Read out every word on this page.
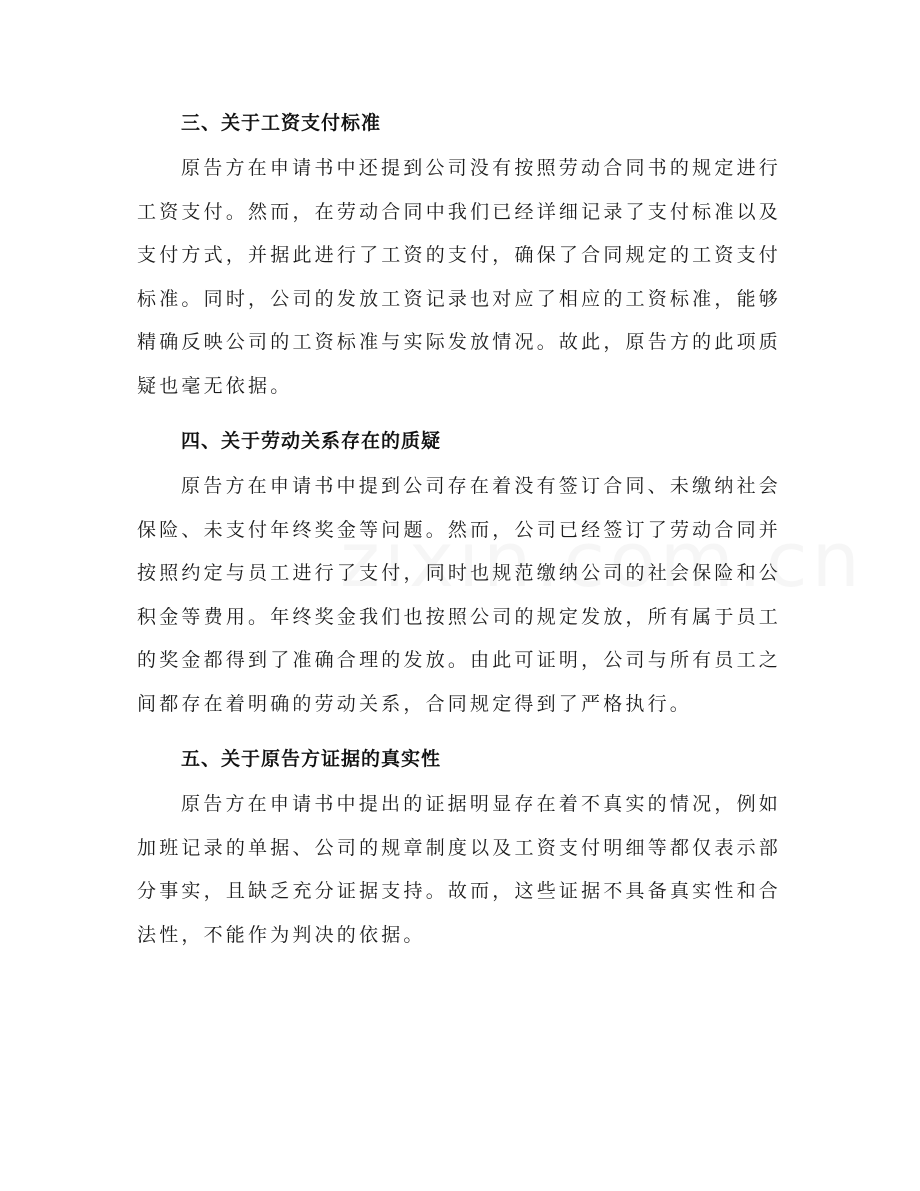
三、关于工资支付标准

原告方在申请书中还提到公司没有按照劳动合同书的规定进行工资支付。然而，在劳动合同中我们已经详细记录了支付标准以及支付方式，并据此进行了工资的支付，确保了合同规定的工资支付标准。同时，公司的发放工资记录也对应了相应的工资标准，能够精确反映公司的工资标准与实际发放情况。故此，原告方的此项质疑也毫无依据。

四、关于劳动关系存在的质疑

原告方在申请书中提到公司存在着没有签订合同、未缴纳社会保险、未支付年终奖金等问题。然而，公司已经签订了劳动合同并按照约定与员工进行了支付，同时也规范缴纳公司的社会保险和公积金等费用。年终奖金我们也按照公司的规定发放，所有属于员工的奖金都得到了准确合理的发放。由此可证明，公司与所有员工之间都存在着明确的劳动关系，合同规定得到了严格执行。

五、关于原告方证据的真实性

原告方在申请书中提出的证据明显存在着不真实的情况，例如加班记录的单据、公司的规章制度以及工资支付明细等都仅表示部分事实，且缺乏充分证据支持。故而，这些证据不具备真实性和合法性，不能作为判决的依据。
